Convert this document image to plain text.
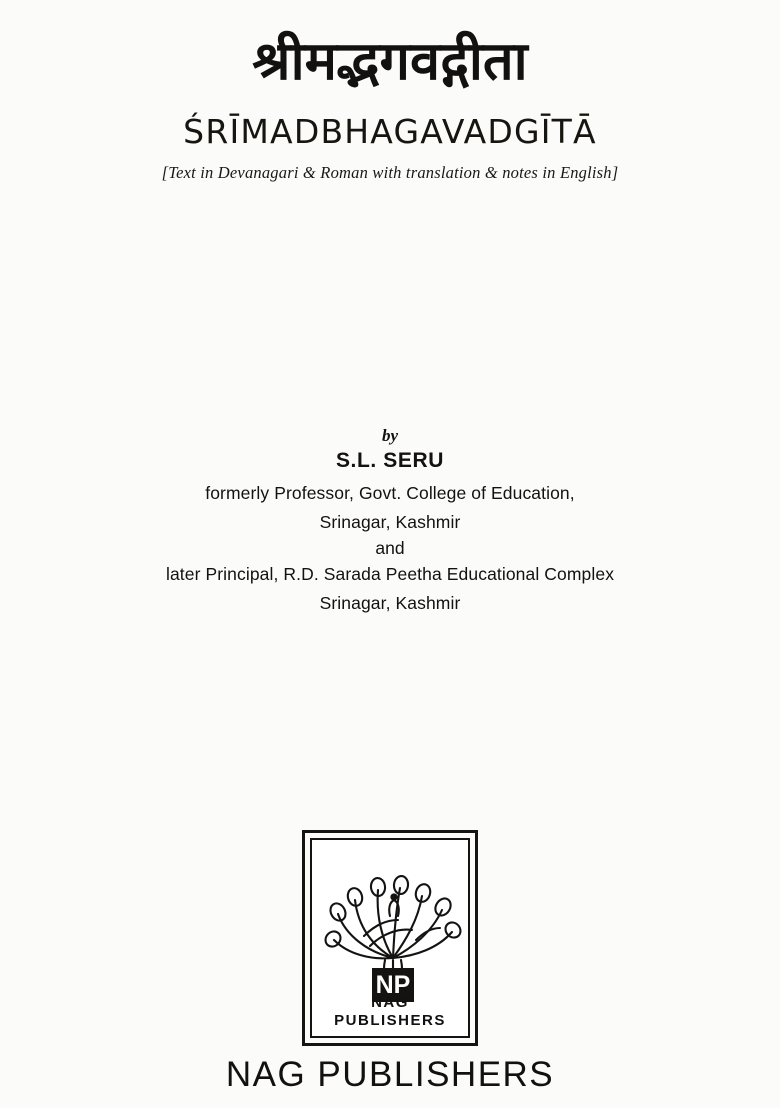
श्रीमद्भगवद्गीता
ŚRĪMADBHAGAVADGĪTĀ
[Text in Devanagari & Roman with translation & notes in English]
by
S.L. SERU
formerly Professor, Govt. College of Education,
Srinagar, Kashmir
and
later Principal, R.D. Sarada Peetha Educational Complex
Srinagar, Kashmir
NP
NAG
PUBLISHERS
NAG PUBLISHERS
